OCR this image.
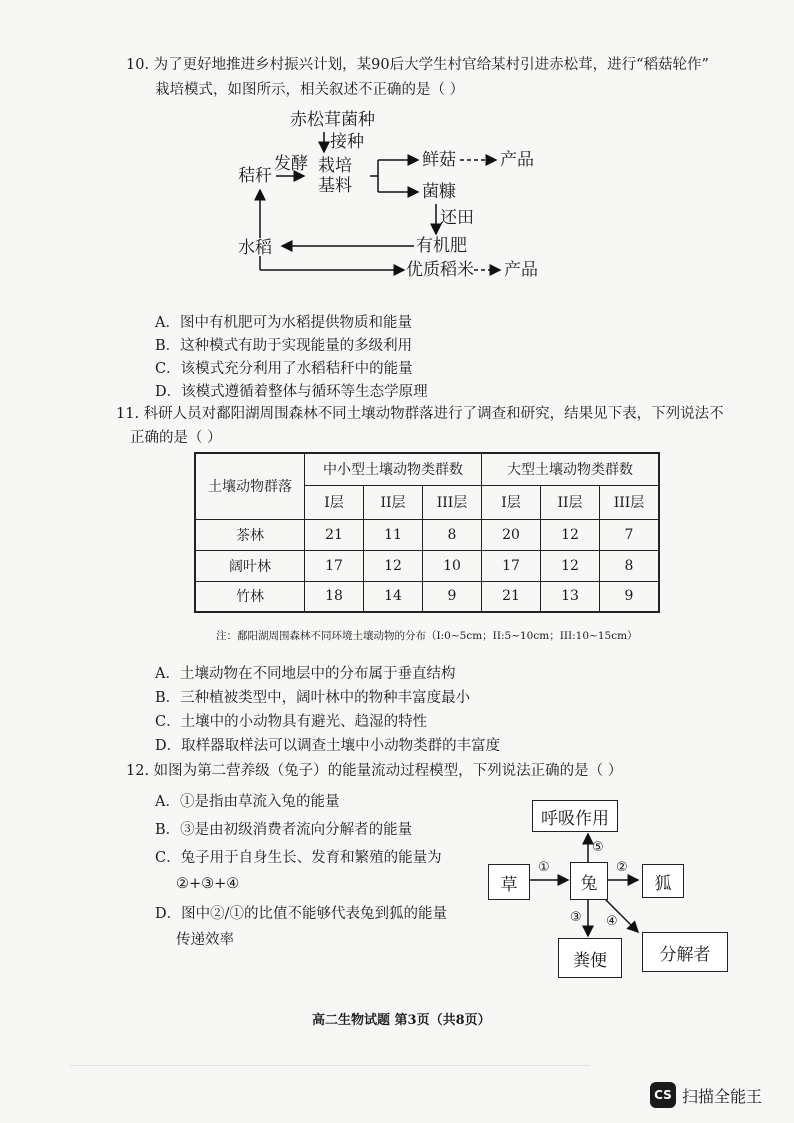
10. 为了更好地推进乡村振兴计划，某90后大学生村官给某村引进赤松茸，进行“稻菇轮作”
栽培模式，如图所示，相关叙述不正确的是（ ）
赤松茸菌种
接种
秸秆
发酵 栽培
基料
鲜菇	产品
菌糠
还田
有机肥
水稻
优质稻米 产品
A．图中有机肥可为水稻提供物质和能量
B．这种模式有助于实现能量的多级利用
C．该模式充分利用了水稻秸秆中的能量
D．该模式遵循着整体与循环等生态学原理
11. 科研人员对鄱阳湖周围森林不同土壤动物群落进行了调查和研究，结果见下表，下列说法不
正确的是（ ）
土壤动物群落	中小型土壤动物类群数			大型土壤动物类群数		
	I层	II层	III层	I层	II层	III层
茶林	21	11	8	20	12	7
阔叶林	17	12	10	17	12	8
竹林	18	14	9	21	13	9
注：鄱阳湖周围森林不同环境土壤动物的分布（I:0~5cm；II:5~10cm；III:10~15cm）
A．土壤动物在不同地层中的分布属于垂直结构
B．三种植被类型中，阔叶林中的物种丰富度最小
C．土壤中的小动物具有避光、趋湿的特性
D．取样器取样法可以调查土壤中小动物类群的丰富度
12. 如图为第二营养级（兔子）的能量流动过程模型，下列说法正确的是（ ）
A．①是指由草流入兔的能量
B．③是由初级消费者流向分解者的能量
C．兔子用于自身生长、发育和繁殖的能量为
②+③+④
D．图中②/①的比值不能够代表兔到狐的能量
传递效率
呼吸作用
草	兔	狐
粪便	分解者
①	②
③ ④
⑤
高二生物试题 第3页（共8页）
CS 扫描全能王
